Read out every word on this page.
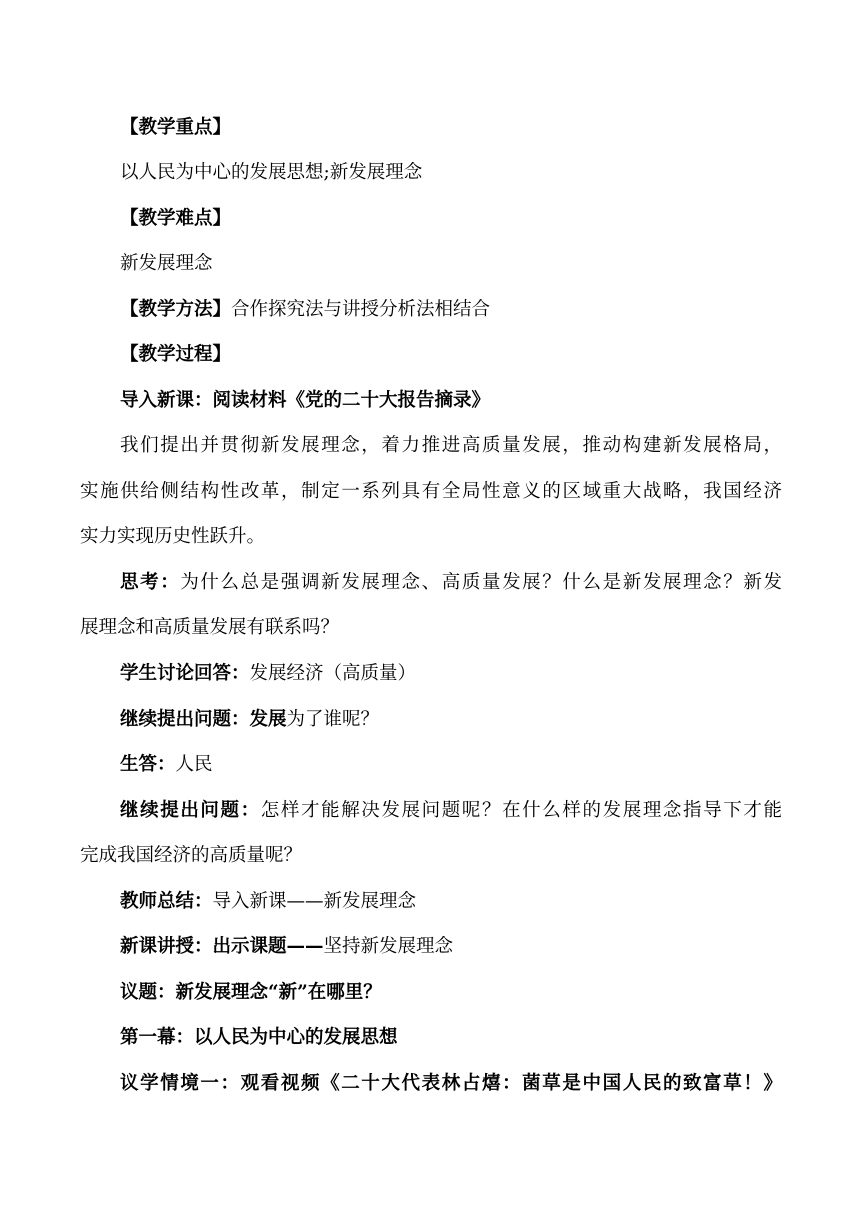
【教学重点】
以人民为中心的发展思想;新发展理念
【教学难点】
新发展理念
【教学方法】合作探究法与讲授分析法相结合
【教学过程】
导入新课：阅读材料《党的二十大报告摘录》
我们提出并贯彻新发展理念，着力推进高质量发展，推动构建新发展格局，
实施供给侧结构性改革，制定一系列具有全局性意义的区域重大战略，我国经济
实力实现历史性跃升。
思考：为什么总是强调新发展理念、高质量发展？什么是新发展理念？新发
展理念和高质量发展有联系吗？
学生讨论回答：发展经济（高质量）
继续提出问题：发展为了谁呢？
生答：人民
继续提出问题：怎样才能解决发展问题呢？在什么样的发展理念指导下才能
完成我国经济的高质量呢？
教师总结：导入新课——新发展理念
新课讲授：出示课题——坚持新发展理念
议题：新发展理念“新”在哪里？
第一幕：以人民为中心的发展思想
议学情境一：观看视频《二十大代表林占熺：菌草是中国人民的致富草！》
